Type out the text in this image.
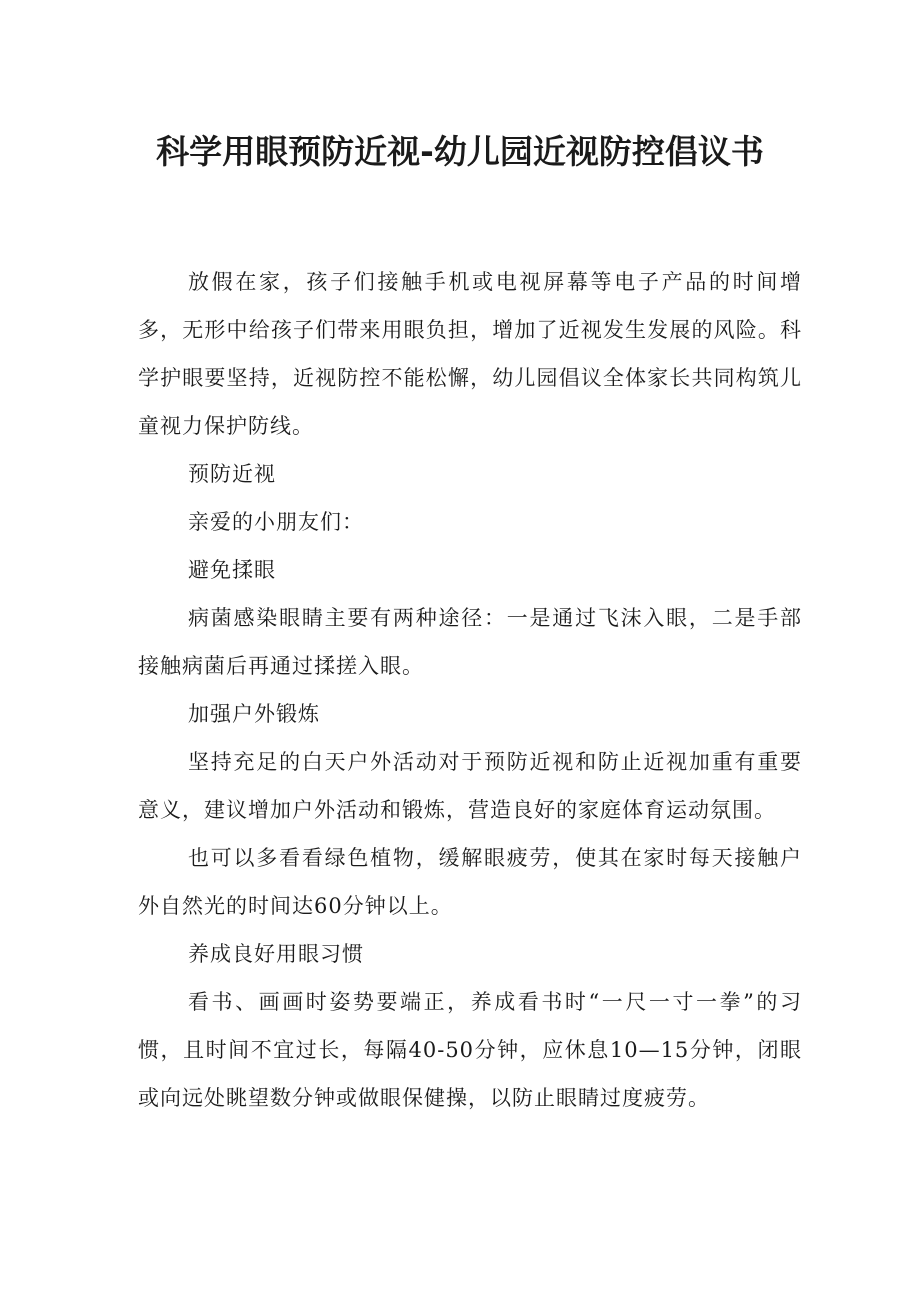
科学用眼预防近视-幼儿园近视防控倡议书

放假在家，孩子们接触手机或电视屏幕等电子产品的时间增多，无形中给孩子们带来用眼负担，增加了近视发生发展的风险。科学护眼要坚持，近视防控不能松懈，幼儿园倡议全体家长共同构筑儿童视力保护防线。

预防近视

亲爱的小朋友们：

避免揉眼

病菌感染眼睛主要有两种途径：一是通过飞沫入眼，二是手部接触病菌后再通过揉搓入眼。

加强户外锻炼

坚持充足的白天户外活动对于预防近视和防止近视加重有重要意义，建议增加户外活动和锻炼，营造良好的家庭体育运动氛围。

也可以多看看绿色植物，缓解眼疲劳，使其在家时每天接触户外自然光的时间达60分钟以上。

养成良好用眼习惯

看书、画画时姿势要端正，养成看书时“一尺一寸一拳”的习惯，且时间不宜过长，每隔40-50分钟，应休息10—15分钟，闭眼或向远处眺望数分钟或做眼保健操，以防止眼睛过度疲劳。
